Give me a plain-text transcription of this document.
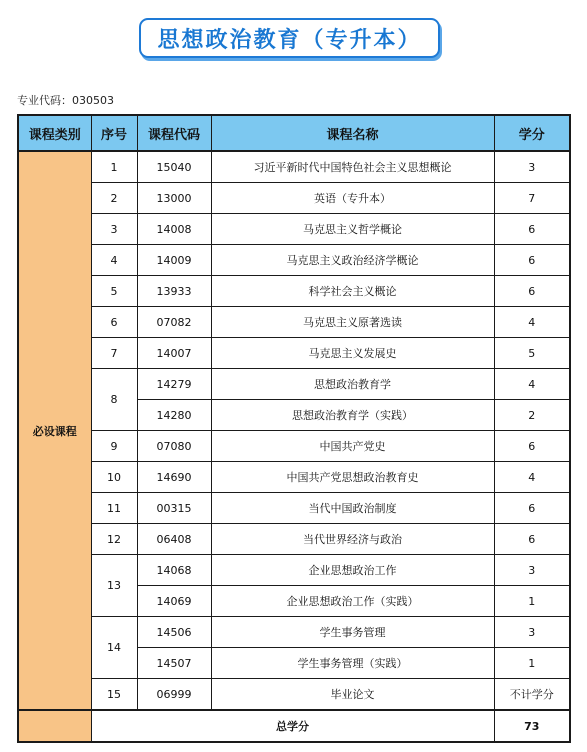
思想政治教育（专升本）
专业代码：030503
课程类别	序号	课程代码	课程名称	学分
必设课程	1	15040	习近平新时代中国特色社会主义思想概论	3
	2	13000	英语（专升本）	7
	3	14008	马克思主义哲学概论	6
	4	14009	马克思主义政治经济学概论	6
	5	13933	科学社会主义概论	6
	6	07082	马克思主义原著选读	4
	7	14007	马克思主义发展史	5
	8	14279	思想政治教育学	4
		14280	思想政治教育学（实践）	2
	9	07080	中国共产党史	6
	10	14690	中国共产党思想政治教育史	4
	11	00315	当代中国政治制度	6
	12	06408	当代世界经济与政治	6
	13	14068	企业思想政治工作	3
		14069	企业思想政治工作（实践）	1
	14	14506	学生事务管理	3
		14507	学生事务管理（实践）	1
	15	06999	毕业论文	不计学分
	总学分			73
